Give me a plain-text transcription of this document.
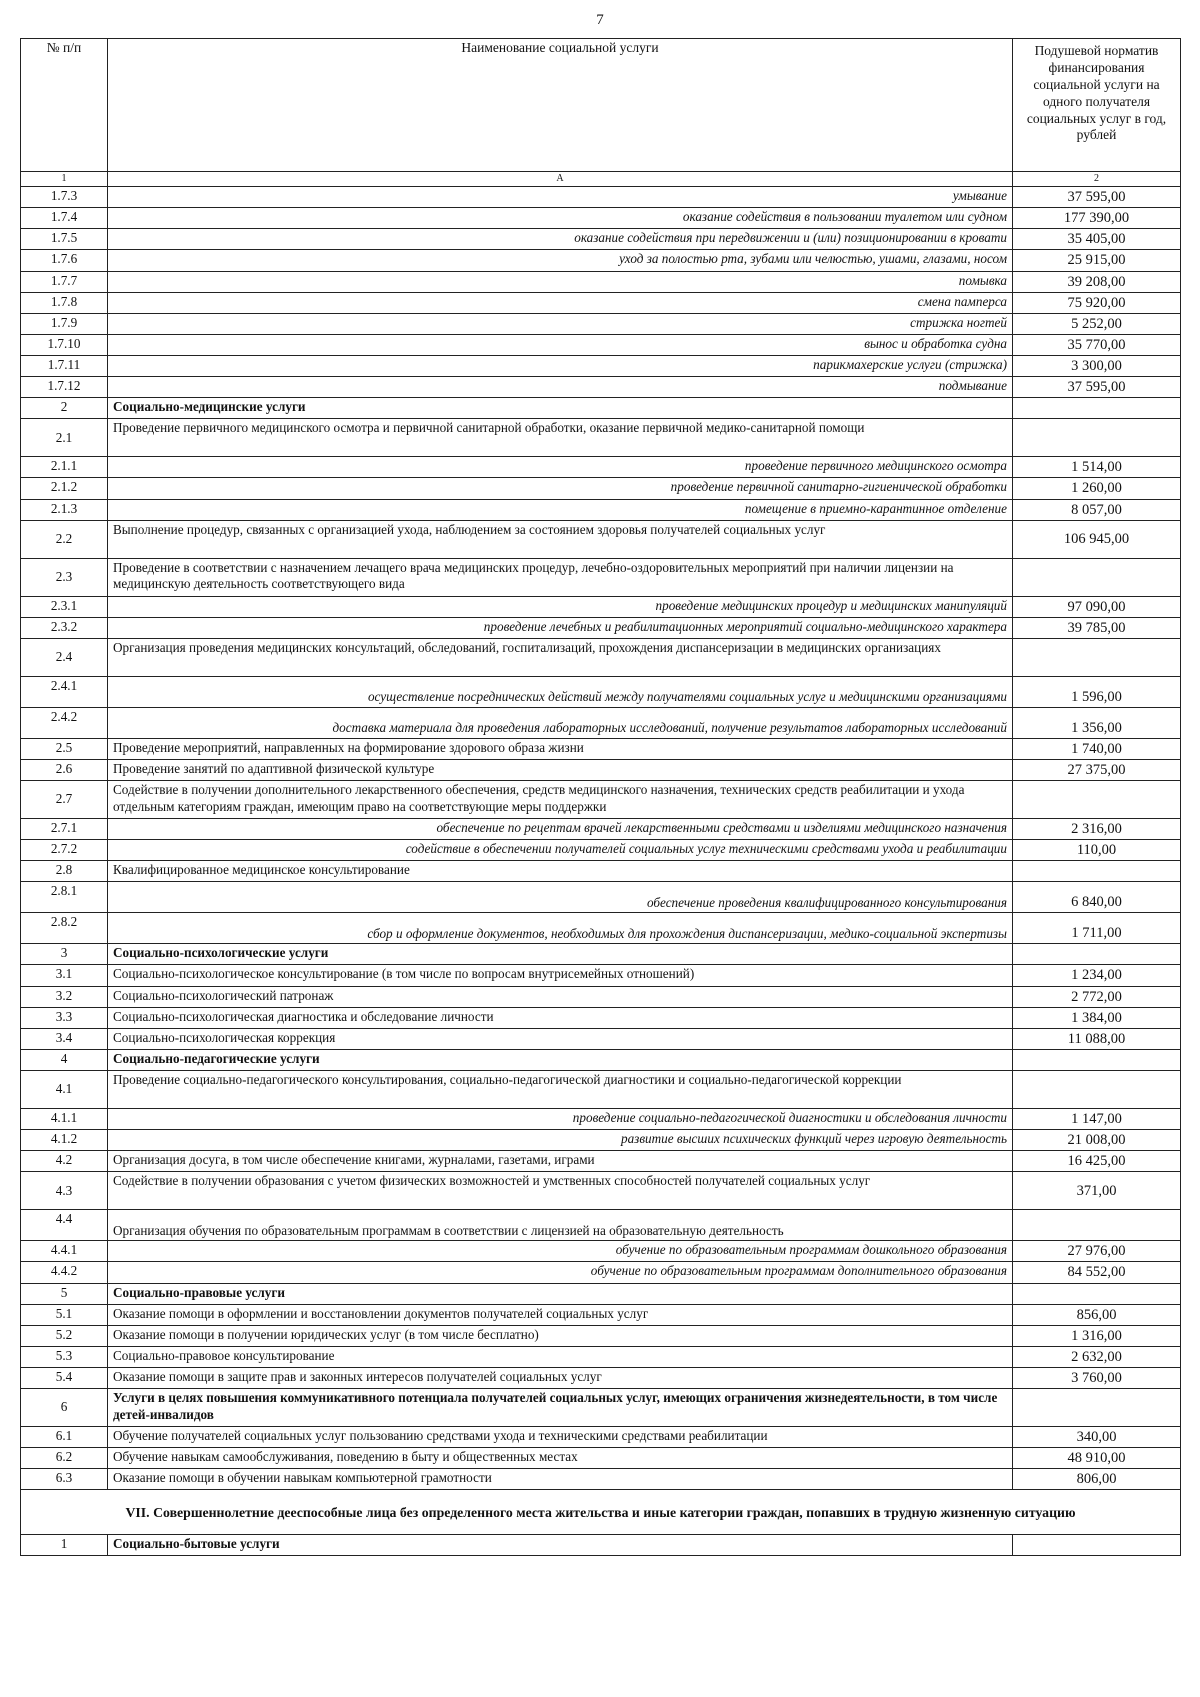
7
№ п/п	Наименование социальной услуги	Подушевой норматив финансирования социальной услуги на одного получателя социальных услуг в год, рублей
1	А	2
1.7.3	умывание	37 595,00
1.7.4	оказание содействия в пользовании туалетом или судном	177 390,00
1.7.5	оказание содействия при передвижении и (или) позиционировании в кровати	35 405,00
1.7.6	уход за полостью рта, зубами или челюстью, ушами, глазами, носом	25 915,00
1.7.7	помывка	39 208,00
1.7.8	смена памперса	75 920,00
1.7.9	стрижка ногтей	5 252,00
1.7.10	вынос и обработка судна	35 770,00
1.7.11	парикмахерские услуги (стрижка)	3 300,00
1.7.12	подмывание	37 595,00
2	Социально-медицинские услуги	
2.1	Проведение первичного медицинского осмотра и первичной санитарной обработки, оказание первичной медико-санитарной помощи	
2.1.1	проведение первичного медицинского осмотра	1 514,00
2.1.2	проведение первичной санитарно-гигиенической обработки	1 260,00
2.1.3	помещение в приемно-карантинное отделение	8 057,00
2.2	Выполнение процедур, связанных с организацией ухода, наблюдением за состоянием здоровья получателей социальных услуг	106 945,00
2.3	Проведение в соответствии с назначением лечащего врача медицинских процедур, лечебно-оздоровительных мероприятий при наличии лицензии на медицинскую деятельность соответствующего вида	
2.3.1	проведение медицинских процедур и медицинских манипуляций	97 090,00
2.3.2	проведение лечебных и реабилитационных мероприятий социально-медицинского характера	39 785,00
2.4	Организация проведения медицинских консультаций, обследований, госпитализаций, прохождения диспансеризации в медицинских организациях	
2.4.1	осуществление посреднических действий между получателями социальных услуг и медицинскими организациями	1 596,00
2.4.2	доставка материала для проведения лабораторных исследований, получение результатов лабораторных исследований	1 356,00
2.5	Проведение мероприятий, направленных на формирование здорового образа жизни	1 740,00
2.6	Проведение занятий по адаптивной физической культуре	27 375,00
2.7	Содействие в получении дополнительного лекарственного обеспечения, средств медицинского назначения, технических средств реабилитации и ухода отдельным категориям граждан, имеющим право на соответствующие меры поддержки	
2.7.1	обеспечение по рецептам врачей лекарственными средствами и изделиями медицинского назначения	2 316,00
2.7.2	содействие в обеспечении получателей социальных услуг техническими средствами ухода и реабилитации	110,00
2.8	Квалифицированное медицинское консультирование	
2.8.1	обеспечение проведения квалифицированного консультирования	6 840,00
2.8.2	сбор и оформление документов, необходимых для прохождения диспансеризации, медико-социальной экспертизы	1 711,00
3	Социально-психологические услуги	
3.1	Социально-психологическое консультирование (в том числе по вопросам внутрисемейных отношений)	1 234,00
3.2	Социально-психологический патронаж	2 772,00
3.3	Социально-психологическая диагностика и обследование личности	1 384,00
3.4	Социально-психологическая коррекция	11 088,00
4	Социально-педагогические услуги	
4.1	Проведение социально-педагогического консультирования, социально-педагогической диагностики и социально-педагогической коррекции	
4.1.1	проведение социально-педагогической диагностики и обследования личности	1 147,00
4.1.2	развитие высших психических функций через игровую деятельность	21 008,00
4.2	Организация досуга, в том числе обеспечение книгами, журналами, газетами, играми	16 425,00
4.3	Содействие в получении образования с учетом физических возможностей и умственных способностей получателей социальных услуг	371,00
4.4	Организация обучения по образовательным программам в соответствии с лицензией на образовательную деятельность	
4.4.1	обучение по образовательным программам дошкольного образования	27 976,00
4.4.2	обучение по образовательным программам дополнительного образования	84 552,00
5	Социально-правовые услуги	
5.1	Оказание помощи в оформлении и восстановлении документов получателей социальных услуг	856,00
5.2	Оказание помощи в получении юридических услуг (в том числе бесплатно)	1 316,00
5.3	Социально-правовое консультирование	2 632,00
5.4	Оказание помощи в защите прав и законных интересов получателей социальных услуг	3 760,00
6	Услуги в целях повышения коммуникативного потенциала получателей социальных услуг, имеющих ограничения жизнедеятельности, в том числе детей-инвалидов	
6.1	Обучение получателей социальных услуг пользованию средствами ухода и техническими средствами реабилитации	340,00
6.2	Обучение навыкам самообслуживания, поведению в быту и общественных местах	48 910,00
6.3	Оказание помощи в обучении навыкам компьютерной грамотности	806,00
VII. Совершеннолетние дееспособные лица без определенного места жительства и иные категории граждан, попавших в трудную жизненную ситуацию		
1	Социально-бытовые услуги	
